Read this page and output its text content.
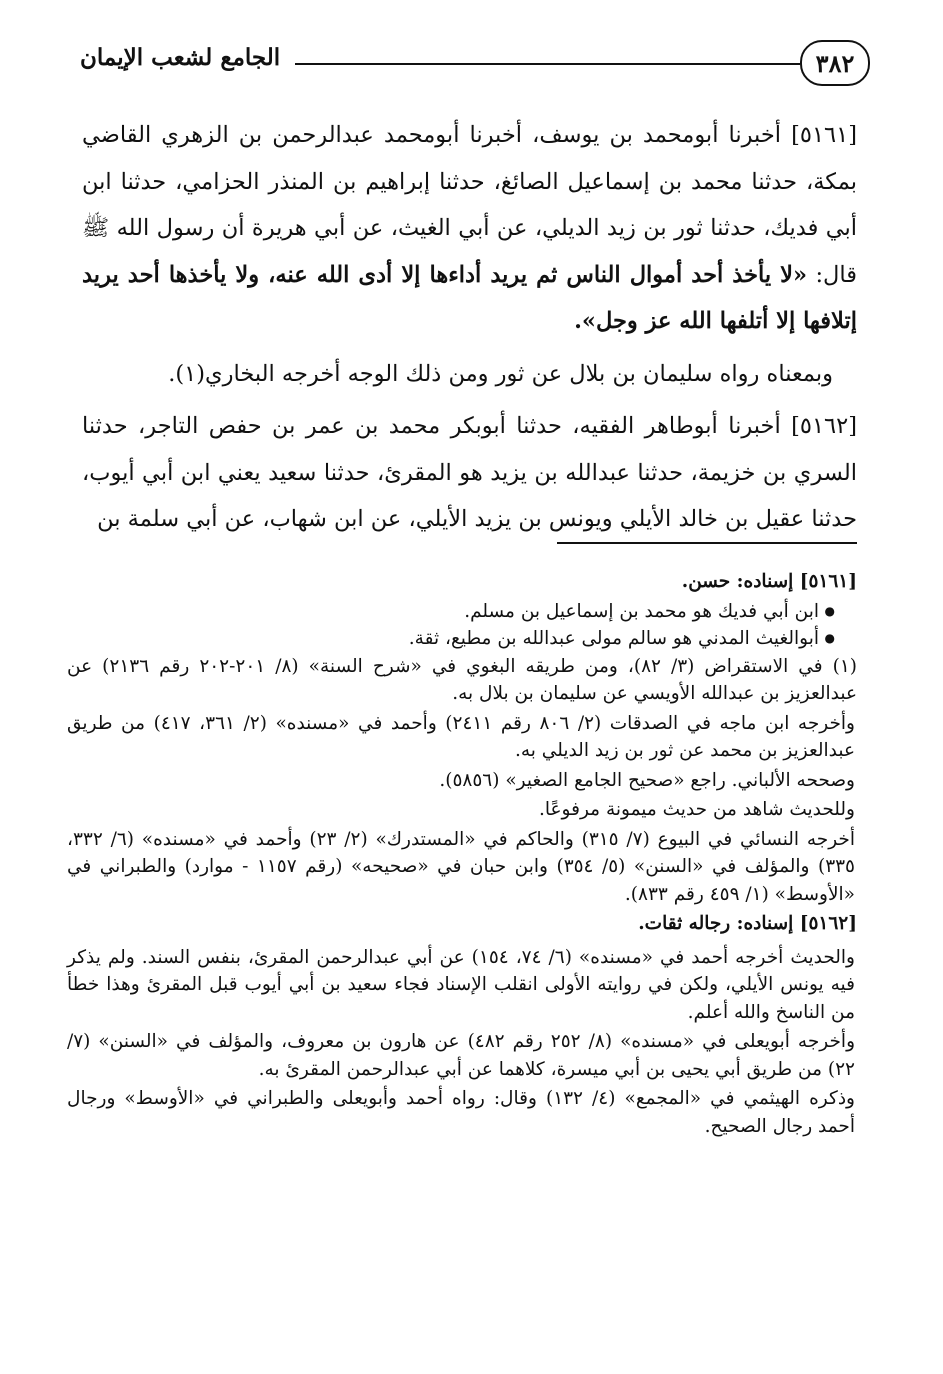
٣٨٢
الجامع لشعب الإيمان

[٥١٦١] أخبرنا أبومحمد بن يوسف، أخبرنا أبومحمد عبدالرحمن بن الزهري القاضي بمكة، حدثنا محمد بن إسماعيل الصائغ، حدثنا إبراهيم بن المنذر الحزامي، حدثنا ابن أبي فديك، حدثنا ثور بن زيد الديلي، عن أبي الغيث، عن أبي هريرة أن رسول الله ﷺ قال: «لا يأخذ أحد أموال الناس ثم يريد أداءها إلا أدى الله عنه، ولا يأخذها أحد يريد إتلافها إلا أتلفها الله عز وجل».

وبمعناه رواه سليمان بن بلال عن ثور ومن ذلك الوجه أخرجه البخاري(١).

[٥١٦٢] أخبرنا أبوطاهر الفقيه، حدثنا أبوبكر محمد بن عمر بن حفص التاجر، حدثنا السري بن خزيمة، حدثنا عبدالله بن يزيد هو المقرئ، حدثنا سعيد يعني ابن أبي أيوب، حدثنا عقيل بن خالد الأيلي ويونس بن يزيد الأيلي، عن ابن شهاب، عن أبي سلمة بن

[٥١٦١] إسناده: حسن.

● ابن أبي فديك هو محمد بن إسماعيل بن مسلم.
● أبوالغيث المدني هو سالم مولى عبدالله بن مطيع، ثقة.

(١) في الاستقراض (٣/ ٨٢)، ومن طريقه البغوي في «شرح السنة» (٨/ ٢٠١-٢٠٢ رقم ٢١٣٦) عن عبدالعزيز بن عبدالله الأويسي عن سليمان بن بلال به.

وأخرجه ابن ماجه في الصدقات (٢/ ٨٠٦ رقم ٢٤١١) وأحمد في «مسنده» (٢/ ٣٦١، ٤١٧) من طريق عبدالعزيز بن محمد عن ثور بن زيد الديلي به.

وصححه الألباني. راجع «صحيح الجامع الصغير» (٥٨٥٦).

وللحديث شاهد من حديث ميمونة مرفوعًا.

أخرجه النسائي في البيوع (٧/ ٣١٥) والحاكم في «المستدرك» (٢/ ٢٣) وأحمد في «مسنده» (٦/ ٣٣٢، ٣٣٥) والمؤلف في «السنن» (٥/ ٣٥٤) وابن حبان في «صحيحه» (رقم ١١٥٧ - موارد) والطبراني في «الأوسط» (١/ ٤٥٩ رقم ٨٣٣).

[٥١٦٢] إسناده: رجاله ثقات.

والحديث أخرجه أحمد في «مسنده» (٦/ ٧٤، ١٥٤) عن أبي عبدالرحمن المقرئ، بنفس السند. ولم يذكر فيه يونس الأيلي، ولكن في روايته الأولى انقلب الإسناد فجاء سعيد بن أبي أيوب قبل المقرئ وهذا خطأ من الناسخ والله أعلم.

وأخرجه أبويعلى في «مسنده» (٨/ ٢٥٢ رقم ٤٨٢) عن هارون بن معروف، والمؤلف في «السنن» (٧/ ٢٢) من طريق أبي يحيى بن أبي ميسرة، كلاهما عن أبي عبدالرحمن المقرئ به.

وذكره الهيثمي في «المجمع» (٤/ ١٣٢) وقال: رواه أحمد وأبويعلى والطبراني في «الأوسط» ورجال أحمد رجال الصحيح.
